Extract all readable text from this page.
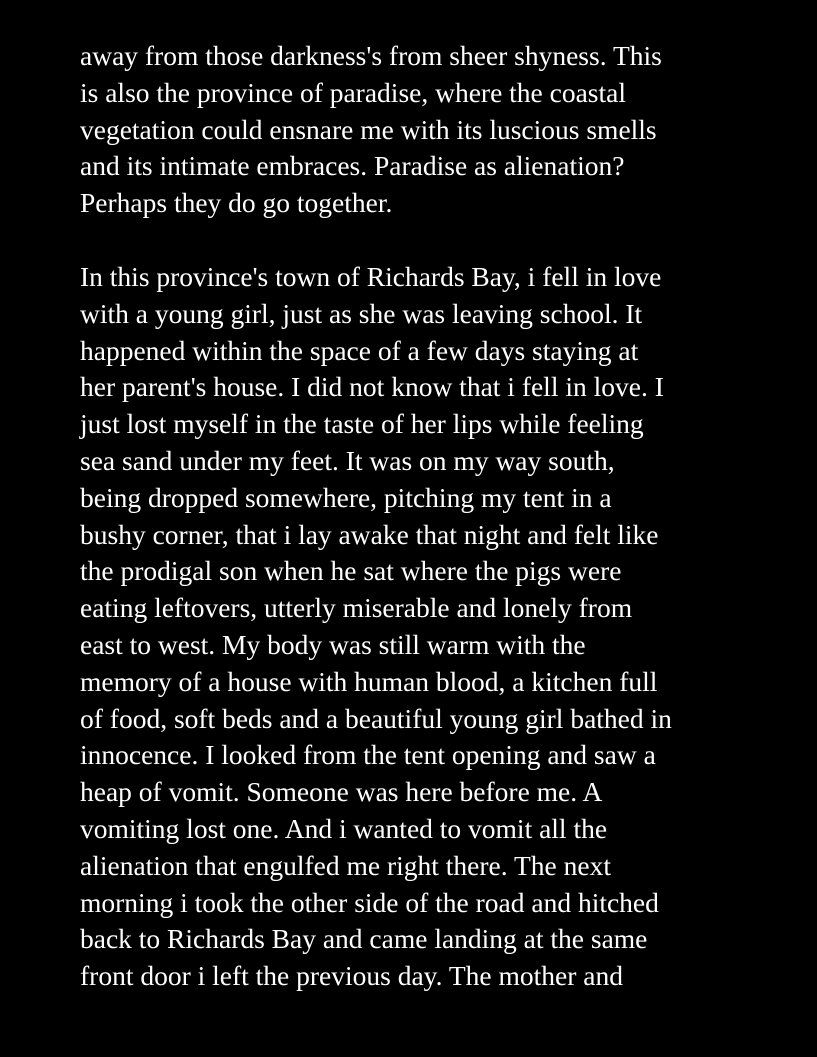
away from those darkness's from sheer shyness. This
is also the province of paradise, where the coastal
vegetation could ensnare me with its luscious smells
and its intimate embraces. Paradise as alienation?
Perhaps they do go together.

In this province's town of Richards Bay, i fell in love
with a young girl, just as she was leaving school. It
happened within the space of a few days staying at
her parent's house. I did not know that i fell in love. I
just lost myself in the taste of her lips while feeling
sea sand under my feet. It was on my way south,
being dropped somewhere, pitching my tent in a
bushy corner, that i lay awake that night and felt like
the prodigal son when he sat where the pigs were
eating leftovers, utterly miserable and lonely from
east to west. My body was still warm with the
memory of a house with human blood, a kitchen full
of food, soft beds and a beautiful young girl bathed in
innocence. I looked from the tent opening and saw a
heap of vomit. Someone was here before me. A
vomiting lost one. And i wanted to vomit all the
alienation that engulfed me right there. The next
morning i took the other side of the road and hitched
back to Richards Bay and came landing at the same
front door i left the previous day. The mother and
